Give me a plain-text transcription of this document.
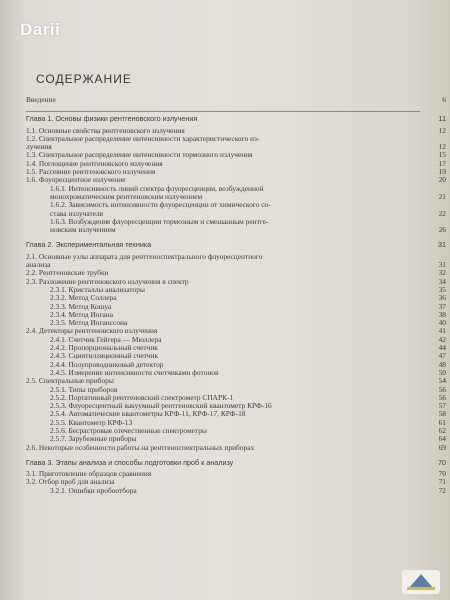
Darii
СОДЕРЖАНИЕ
Введение	6
Глава 1. Основы физики рентгеновского излучения	11
1.1. Основные свойства рентгеновского излучения	12
1.2. Спектральное распределение интенсивности характеристического из-
лучения	12
1.3. Спектральное распределение интенсивности тормозного излучения	15
1.4. Поглощение рентгеновского излучения	17
1.5. Рассеяние рентгеновского излучения	19
1.6. Флуоресцентное излучение	20
1.6.1. Интенсивность линий спектра флуоресценции, возбужденной
монохроматическим рентгеновским излучением	21
1.6.2. Зависимость интенсивности флуоресценции от химического со-
става излучателя	22
1.6.3. Возбуждение флуоресценции тормозным и смешанным рентге-
новским излучением	26
Глава 2. Экспериментальная техника	31
2.1. Основные узлы аппарата для рентгеноспектрального флуоресцентного
анализа	31
2.2. Рентгеновские трубки	32
2.3. Разложение рентгеновского излучения в спектр	34
2.3.1. Кристаллы анализаторы	35
2.3.2. Метод Соллера	36
2.3.3. Метод Кошуа	37
2.3.4. Метод Иогана	38
2.3.5. Метод Иоганссона	40
2.4. Детекторы рентгеновского излучения	41
2.4.1. Счетчик Гейгера — Мюллера	42
2.4.2. Пропорциональный счетчик	44
2.4.3. Сцинтилляционный счетчик	47
2.4.4. Полупроводниковый детектор	48
2.4.5. Измерение интенсивности счетчиками фотонов	50
2.5. Спектральные приборы	54
2.5.1. Типы приборов	56
2.5.2. Портативный рентгеновский спектрометр СПАРК-1	56
2.5.3. Флуоресцентный вакуумный рентгеновский квантометр КРФ-16	57
2.5.4. Автоматические квантометры КРФ-11, КРФ-17, КРФ-18	58
2.5.5. Квантометр КРФ-13	61
2.5.6. Бесрастровые отечественные спектрометры	62
2.5.7. Зарубежные приборы	64
2.6. Некоторые особенности работы на рентгеноспектральных приборах	69
Глава 3. Этапы анализа и способы подготовки проб к анализу	70
3.1. Приготовление образцов сравнения	70
3.2. Отбор проб для анализа	71
3.2.1. Ошибки пробоотбора	72
